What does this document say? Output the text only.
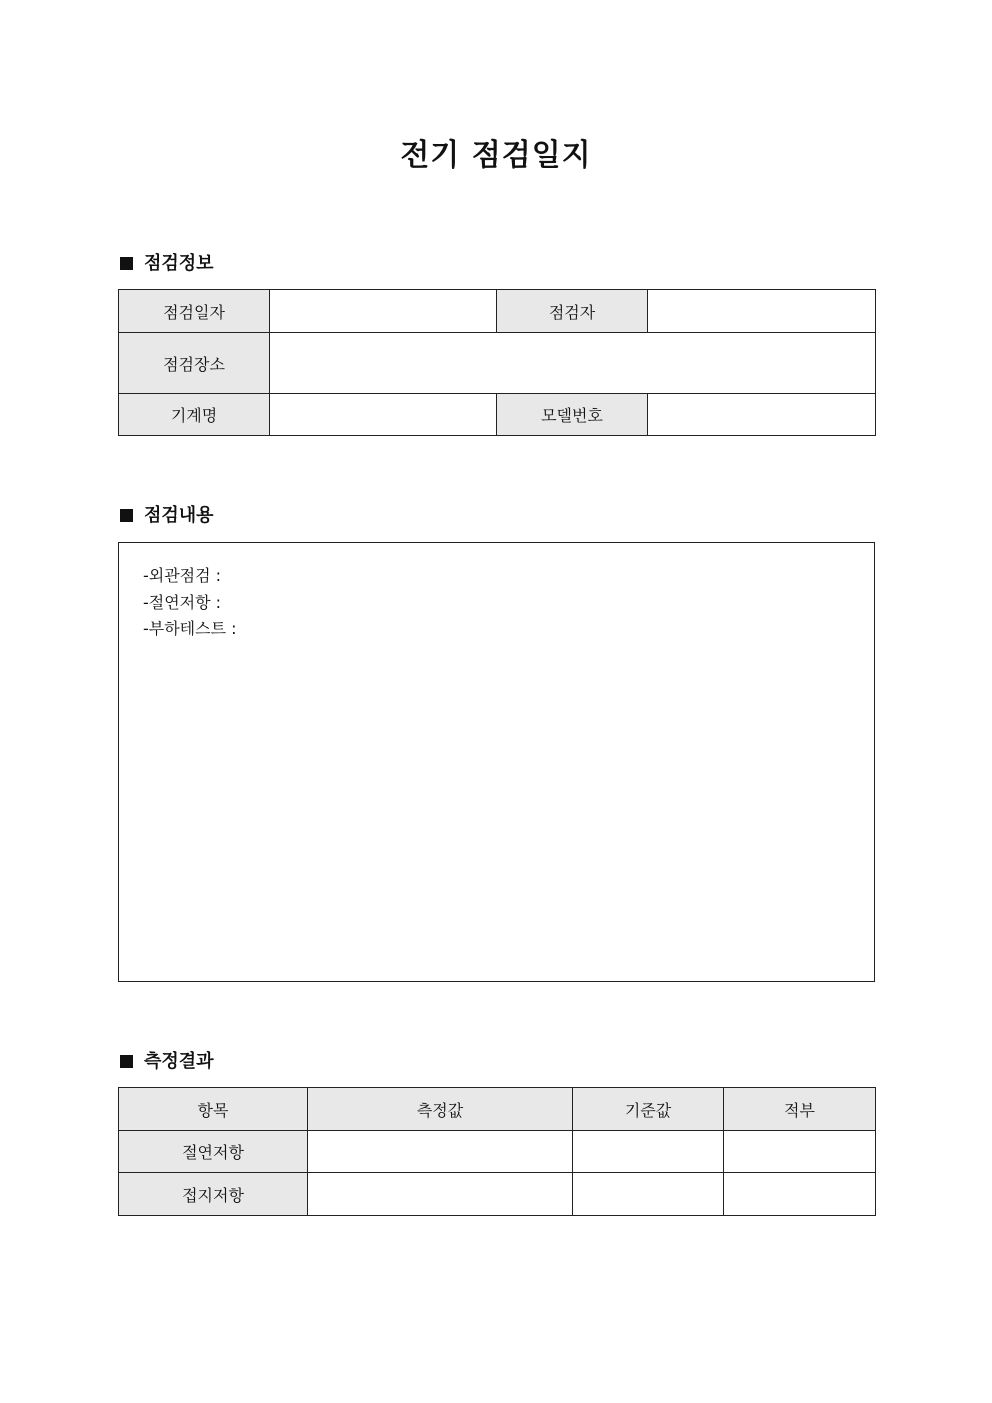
전기 점검일지
점검정보
점검일자		점검자	
점검장소			
기계명		모델번호	
점검내용
-외관점검 :
-절연저항 :
-부하테스트 :
측정결과
항목	측정값	기준값	적부
절연저항			
접지저항			
